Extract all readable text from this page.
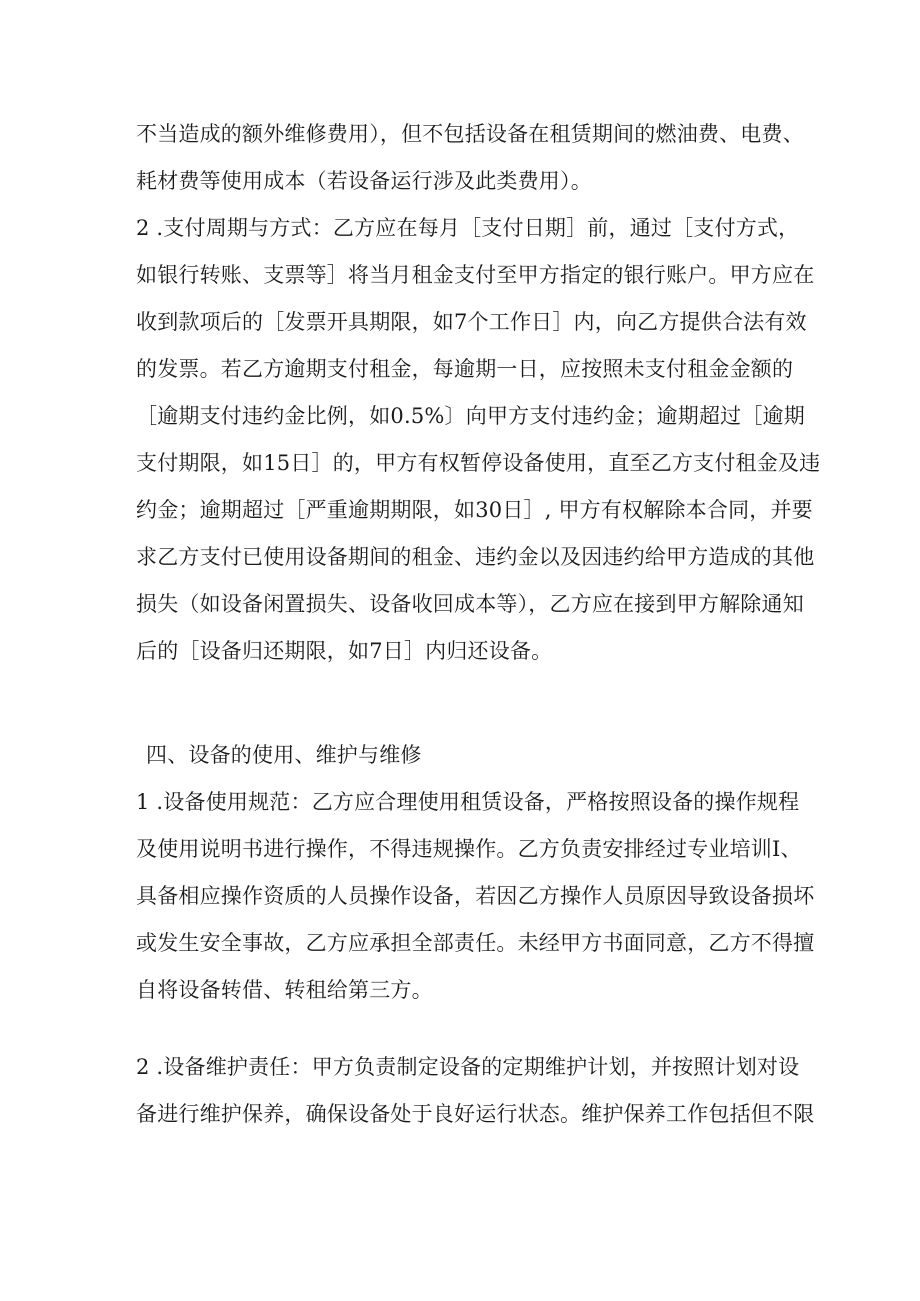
不当造成的额外维修费用），但不包括设备在租赁期间的燃油费、电费、
耗材费等使用成本（若设备运行涉及此类费用）。
2 .支付周期与方式：乙方应在每月［支付日期］前，通过［支付方式，
如银行转账、支票等］将当月租金支付至甲方指定的银行账户。甲方应在
收到款项后的［发票开具期限，如7个工作日］内，向乙方提供合法有效
的发票。若乙方逾期支付租金，每逾期一日，应按照未支付租金金额的
［逾期支付违约金比例，如0.5%〕向甲方支付违约金；逾期超过［逾期
支付期限，如15日］的，甲方有权暂停设备使用，直至乙方支付租金及违
约金；逾期超过［严重逾期期限，如30日］, 甲方有权解除本合同，并要
求乙方支付已使用设备期间的租金、违约金以及因违约给甲方造成的其他
损失（如设备闲置损失、设备收回成本等），乙方应在接到甲方解除通知
后的［设备归还期限，如7日］内归还设备。
四、设备的使用、维护与维修
1 .设备使用规范：乙方应合理使用租赁设备，严格按照设备的操作规程
及使用说明书进行操作，不得违规操作。乙方负责安排经过专业培训I、
具备相应操作资质的人员操作设备，若因乙方操作人员原因导致设备损坏
或发生安全事故，乙方应承担全部责任。未经甲方书面同意，乙方不得擅
自将设备转借、转租给第三方。
2 .设备维护责任：甲方负责制定设备的定期维护计划，并按照计划对设
备进行维护保养，确保设备处于良好运行状态。维护保养工作包括但不限
